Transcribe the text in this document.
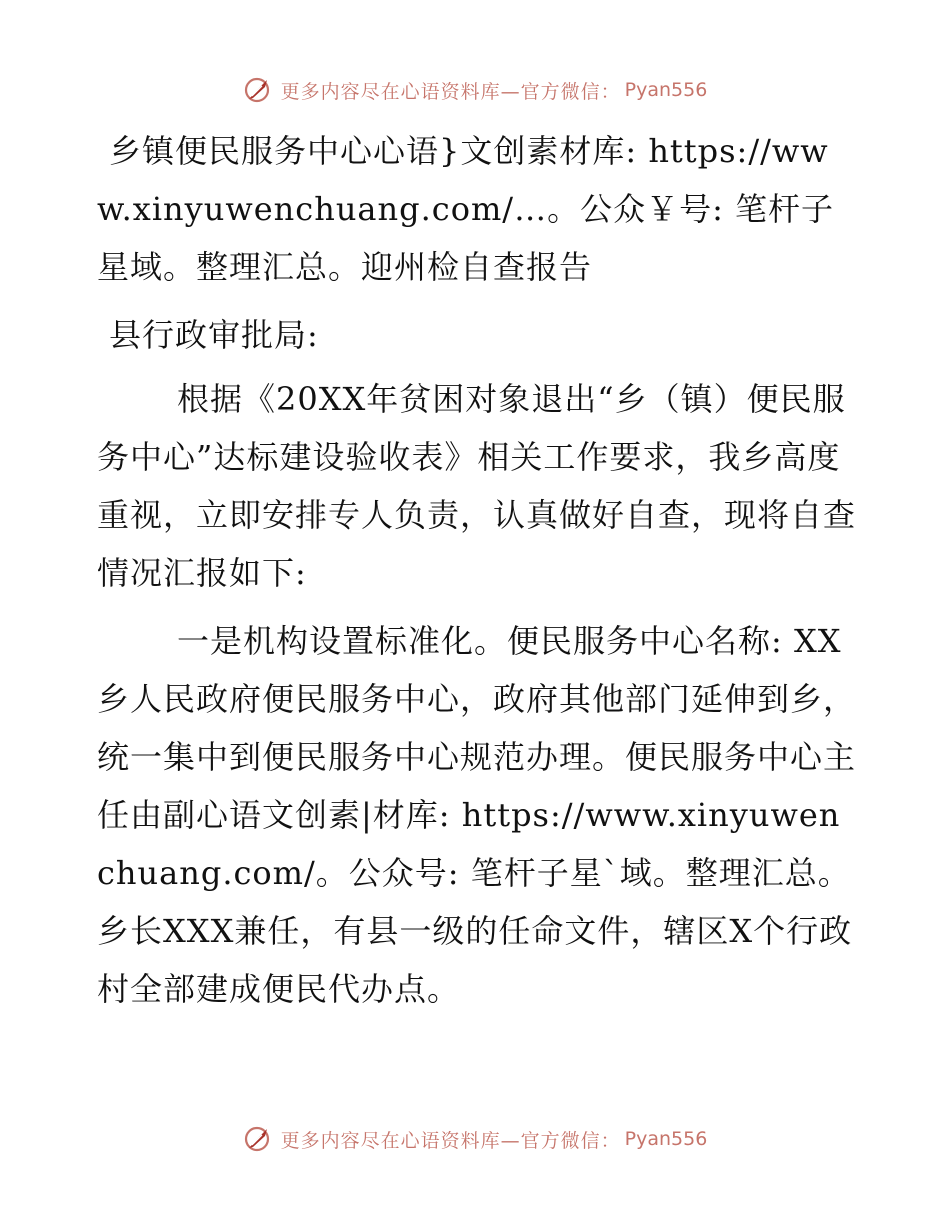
更多内容尽在心语资料库—官方微信： Pyan556

乡镇便民服务中心心语}文创素材库: https://www.xinyuwenchuang.com/…。公众￥号: 笔杆子星域。整理汇总。迎州检自查报告

县行政审批局:

根据《20XX年贫困对象退出“乡（镇）便民服务中心”达标建设验收表》相关工作要求，我乡高度重视，立即安排专人负责，认真做好自查，现将自查情况汇报如下:

一是机构设置标准化。便民服务中心名称: XX乡人民政府便民服务中心，政府其他部门延伸到乡，统一集中到便民服务中心规范办理。便民服务中心主任由副心语文创素|材库: https://www.xinyuwenchuang.com/。公众号: 笔杆子星`域。整理汇总。乡长XXX兼任，有县一级的任命文件，辖区X个行政村全部建成便民代办点。

更多内容尽在心语资料库—官方微信： Pyan556
